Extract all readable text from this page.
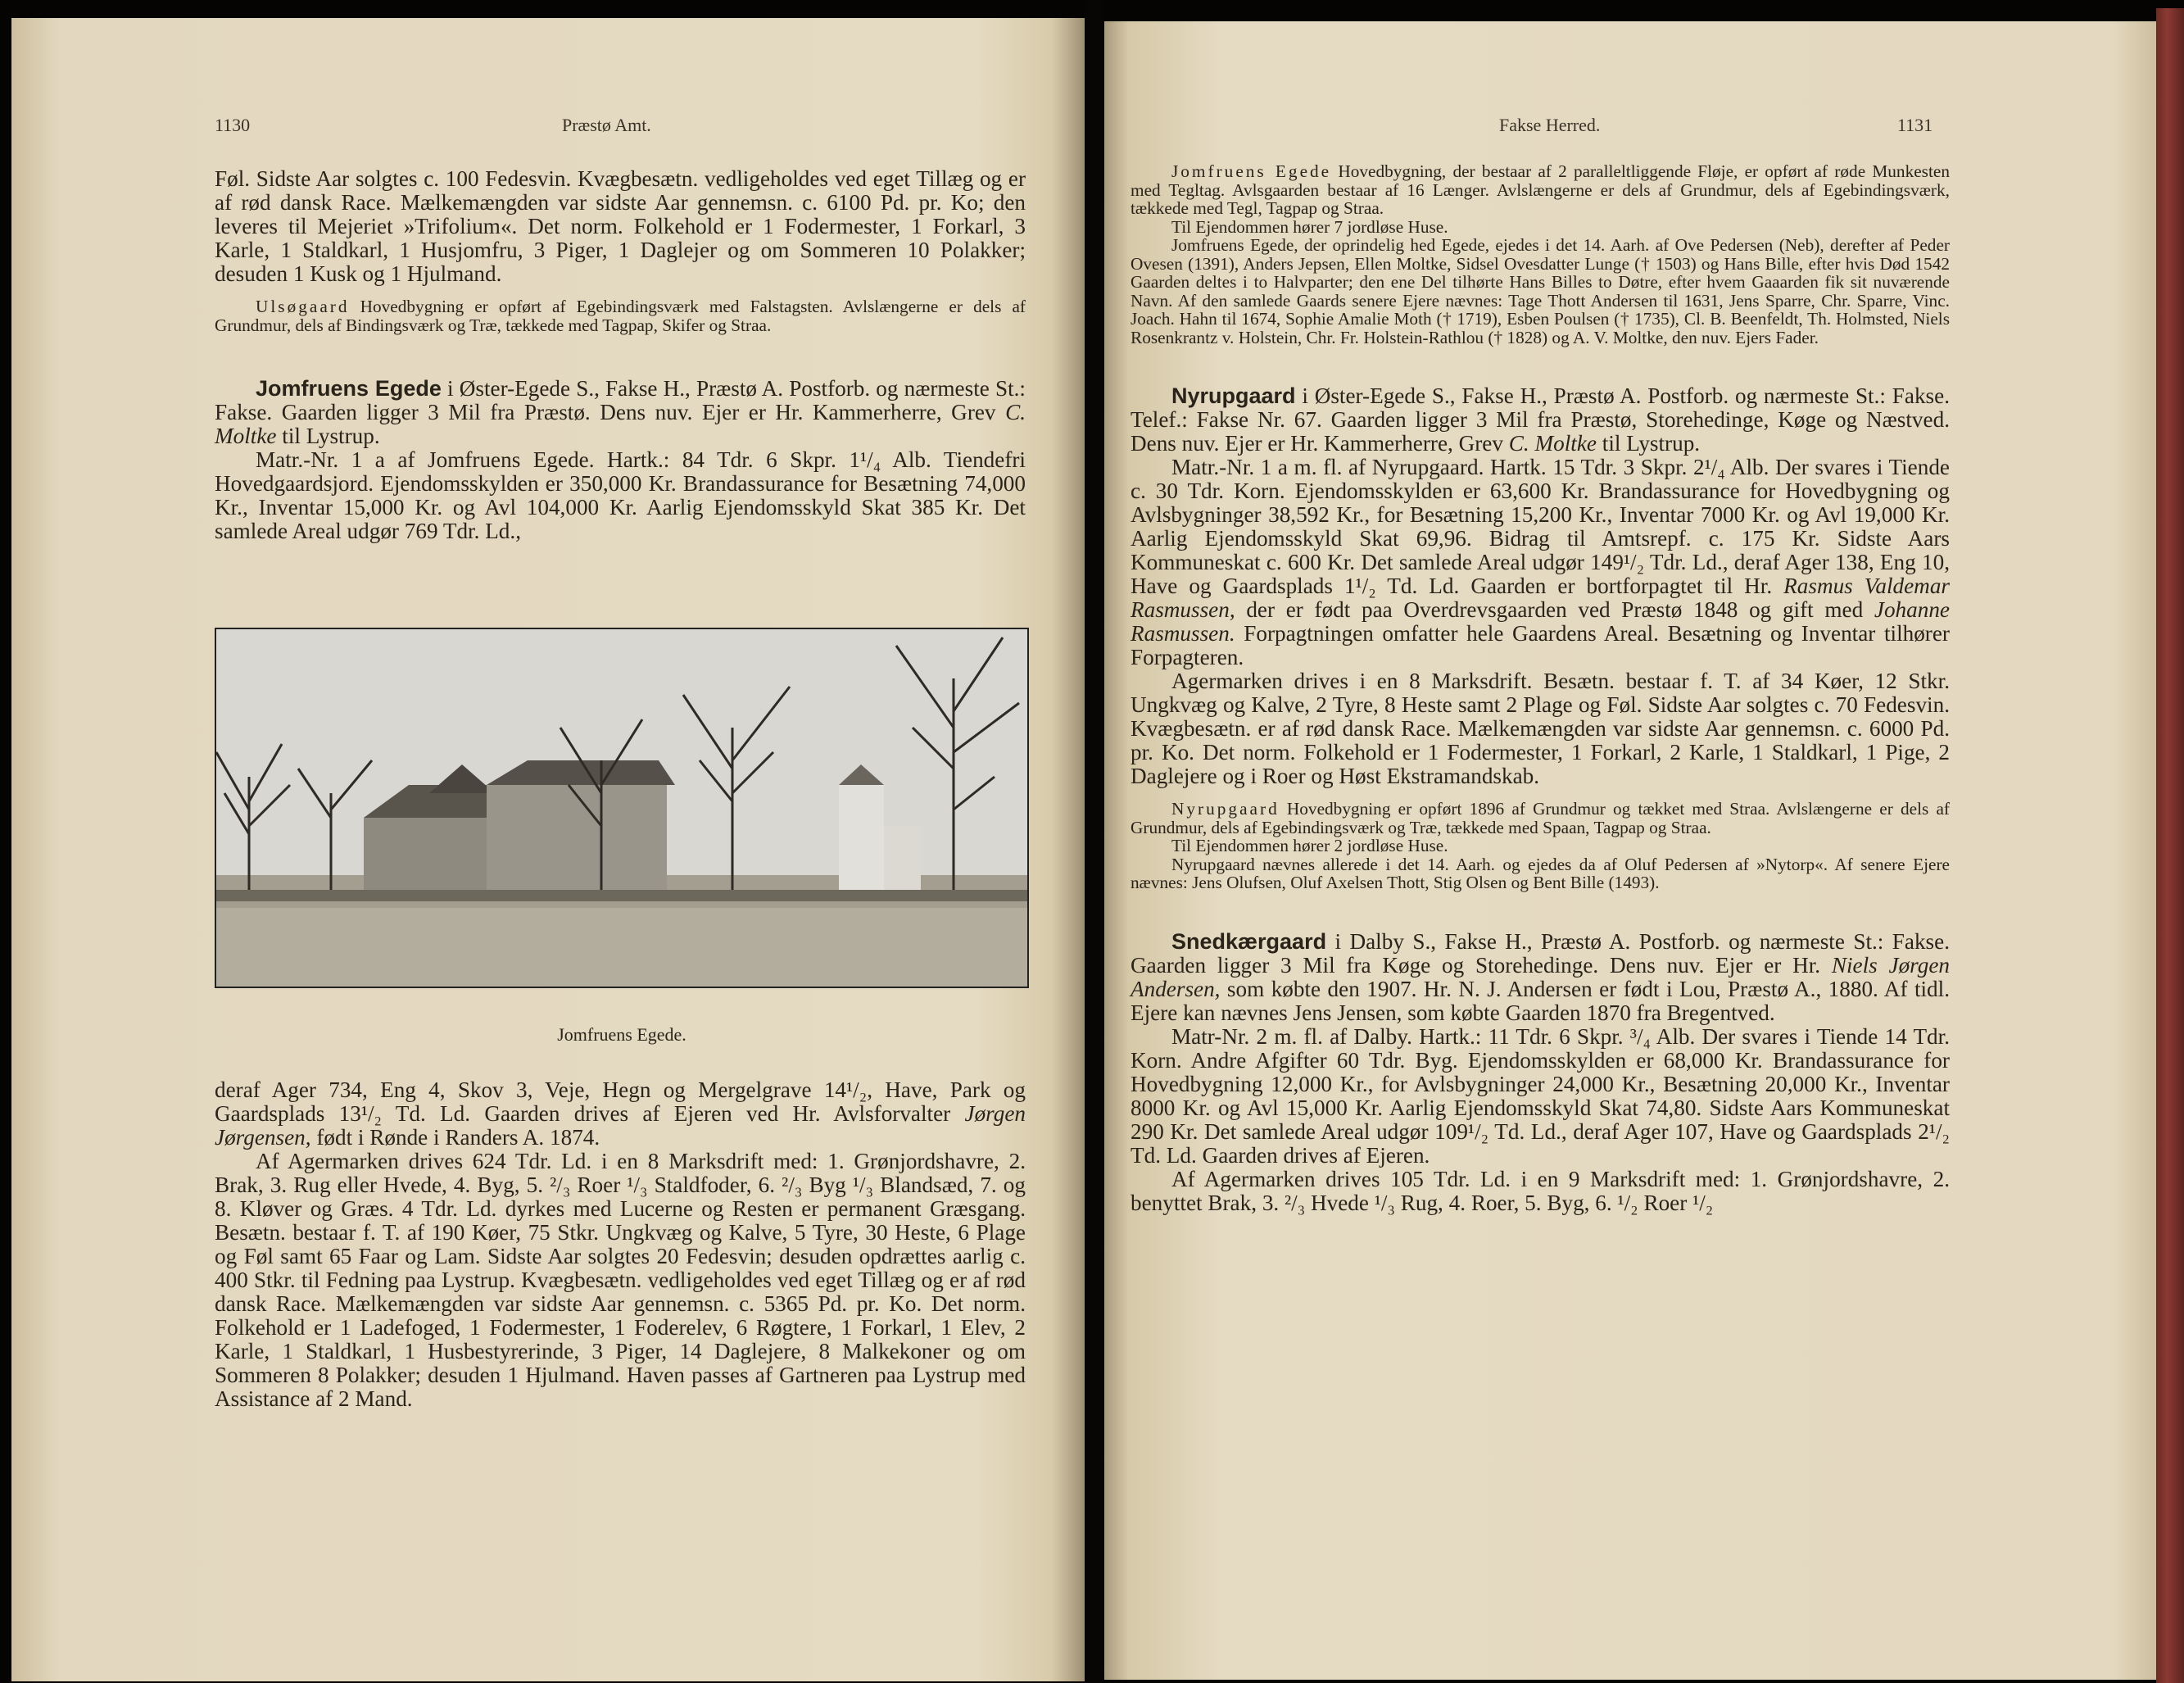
1130	Præstø Amt.

Føl. Sidste Aar solgtes c. 100 Fedesvin. Kvægbesætn. vedligeholdes ved eget Tillæg og er af rød dansk Race. Mælkemængden var sidste Aar gennemsn. c. 6100 Pd. pr. Ko; den leveres til Mejeriet »Trifolium«. Det norm. Folkehold er 1 Fodermester, 1 Forkarl, 3 Karle, 1 Staldkarl, 1 Husjomfru, 3 Piger, 1 Daglejer og om Sommeren 10 Polakker; desuden 1 Kusk og 1 Hjulmand.

Ulsøgaard Hovedbygning er opført af Egebindingsværk med Falstagsten. Avlslængerne er dels af Grundmur, dels af Bindingsværk og Træ, tækkede med Tagpap, Skifer og Straa.

Jomfruens Egede i Øster-Egede S., Fakse H., Præstø A. Postforb. og nærmeste St.: Fakse. Gaarden ligger 3 Mil fra Præstø. Dens nuv. Ejer er Hr. Kammerherre, Grev C. Moltke til Lystrup.

Matr.-Nr. 1 a af Jomfruens Egede. Hartk.: 84 Tdr. 6 Skpr. 1¹/₄ Alb. Tiendefri Hovedgaardsjord. Ejendomsskylden er 350,000 Kr. Brandassurance for Besætning 74,000 Kr., Inventar 15,000 Kr. og Avl 104,000 Kr. Aarlig Ejendomsskyld Skat 385 Kr. Det samlede Areal udgør 769 Tdr. Ld.,

Jomfruens Egede.

deraf Ager 734, Eng 4, Skov 3, Veje, Hegn og Mergelgrave 14¹/₂, Have, Park og Gaardsplads 13¹/₂ Td. Ld. Gaarden drives af Ejeren ved Hr. Avlsforvalter Jørgen Jørgensen, født i Rønde i Randers A. 1874.

Af Agermarken drives 624 Tdr. Ld. i en 8 Marksdrift med: 1. Grønjordshavre, 2. Brak, 3. Rug eller Hvede, 4. Byg, 5. ²/₃ Roer ¹/₃ Staldfoder, 6. ²/₃ Byg ¹/₃ Blandsæd, 7. og 8. Kløver og Græs. 4 Tdr. Ld. dyrkes med Lucerne og Resten er permanent Græsgang. Besætn. bestaar f. T. af 190 Køer, 75 Stkr. Ungkvæg og Kalve, 5 Tyre, 30 Heste, 6 Plage og Føl samt 65 Faar og Lam. Sidste Aar solgtes 20 Fedesvin; desuden opdrættes aarlig c. 400 Stkr. til Fedning paa Lystrup. Kvægbesætn. vedligeholdes ved eget Tillæg og er af rød dansk Race. Mælkemængden var sidste Aar gennemsn. c. 5365 Pd. pr. Ko. Det norm. Folkehold er 1 Ladefoged, 1 Fodermester, 1 Foderelev, 6 Røgtere, 1 Forkarl, 1 Elev, 2 Karle, 1 Staldkarl, 1 Husbestyrerinde, 3 Piger, 14 Daglejere, 8 Malkekoner og om Sommeren 8 Polakker; desuden 1 Hjulmand. Haven passes af Gartneren paa Lystrup med Assistance af 2 Mand.

Fakse Herred.	1131

Jomfruens Egede Hovedbygning, der bestaar af 2 paralleltliggende Fløje, er opført af røde Munkesten med Tegltag. Avlsgaarden bestaar af 16 Længer. Avlslængerne er dels af Grundmur, dels af Egebindingsværk, tækkede med Tegl, Tagpap og Straa.

Til Ejendommen hører 7 jordløse Huse.

Jomfruens Egede, der oprindelig hed Egede, ejedes i det 14. Aarh. af Ove Pedersen (Neb), derefter af Peder Ovesen (1391), Anders Jepsen, Ellen Moltke, Sidsel Ovesdatter Lunge († 1503) og Hans Bille, efter hvis Død 1542 Gaarden deltes i to Halvparter; den ene Del tilhørte Hans Billes to Døtre, efter hvem Gaaarden fik sit nuværende Navn. Af den samlede Gaards senere Ejere nævnes: Tage Thott Andersen til 1631, Jens Sparre, Chr. Sparre, Vinc. Joach. Hahn til 1674, Sophie Amalie Moth († 1719), Esben Poulsen († 1735), Cl. B. Beenfeldt, Th. Holmsted, Niels Rosenkrantz v. Holstein, Chr. Fr. Holstein-Rathlou († 1828) og A. V. Moltke, den nuv. Ejers Fader.

Nyrupgaard i Øster-Egede S., Fakse H., Præstø A. Postforb. og nærmeste St.: Fakse. Telef.: Fakse Nr. 67. Gaarden ligger 3 Mil fra Præstø, Storehedinge, Køge og Næstved. Dens nuv. Ejer er Hr. Kammerherre, Grev C. Moltke til Lystrup.

Matr.-Nr. 1 a m. fl. af Nyrupgaard. Hartk. 15 Tdr. 3 Skpr. 2¹/₄ Alb. Der svares i Tiende c. 30 Tdr. Korn. Ejendomsskylden er 63,600 Kr. Brandassurance for Hovedbygning og Avlsbygninger 38,592 Kr., for Besætning 15,200 Kr., Inventar 7000 Kr. og Avl 19,000 Kr. Aarlig Ejendomsskyld Skat 69,96. Bidrag til Amtsrepf. c. 175 Kr. Sidste Aars Kommuneskat c. 600 Kr. Det samlede Areal udgør 149¹/₂ Tdr. Ld., deraf Ager 138, Eng 10, Have og Gaardsplads 1¹/₂ Td. Ld. Gaarden er bortforpagtet til Hr. Rasmus Valdemar Rasmussen, der er født paa Overdrevsgaarden ved Præstø 1848 og gift med Johanne Rasmussen. Forpagtningen omfatter hele Gaardens Areal. Besætning og Inventar tilhører Forpagteren.

Agermarken drives i en 8 Marksdrift. Besætn. bestaar f. T. af 34 Køer, 12 Stkr. Ungkvæg og Kalve, 2 Tyre, 8 Heste samt 2 Plage og Føl. Sidste Aar solgtes c. 70 Fedesvin. Kvægbesætn. er af rød dansk Race. Mælkemængden var sidste Aar gennemsn. c. 6000 Pd. pr. Ko. Det norm. Folkehold er 1 Fodermester, 1 Forkarl, 2 Karle, 1 Staldkarl, 1 Pige, 2 Daglejere og i Roer og Høst Ekstramandskab.

Nyrupgaard Hovedbygning er opført 1896 af Grundmur og tækket med Straa. Avlslængerne er dels af Grundmur, dels af Egebindingsværk og Træ, tækkede med Spaan, Tagpap og Straa.

Til Ejendommen hører 2 jordløse Huse.

Nyrupgaard nævnes allerede i det 14. Aarh. og ejedes da af Oluf Pedersen af »Nytorp«. Af senere Ejere nævnes: Jens Olufsen, Oluf Axelsen Thott, Stig Olsen og Bent Bille (1493).

Snedkærgaard i Dalby S., Fakse H., Præstø A. Postforb. og nærmeste St.: Fakse. Gaarden ligger 3 Mil fra Køge og Storehedinge. Dens nuv. Ejer er Hr. Niels Jørgen Andersen, som købte den 1907. Hr. N. J. Andersen er født i Lou, Præstø A., 1880. Af tidl. Ejere kan nævnes Jens Jensen, som købte Gaarden 1870 fra Bregentved.

Matr-Nr. 2 m. fl. af Dalby. Hartk.: 11 Tdr. 6 Skpr. ³/₄ Alb. Der svares i Tiende 14 Tdr. Korn. Andre Afgifter 60 Tdr. Byg. Ejendomsskylden er 68,000 Kr. Brandassurance for Hovedbygning 12,000 Kr., for Avlsbygninger 24,000 Kr., Besætning 20,000 Kr., Inventar 8000 Kr. og Avl 15,000 Kr. Aarlig Ejendomsskyld Skat 74,80. Sidste Aars Kommuneskat 290 Kr. Det samlede Areal udgør 109¹/₂ Td. Ld., deraf Ager 107, Have og Gaardsplads 2¹/₂ Td. Ld. Gaarden drives af Ejeren.

Af Agermarken drives 105 Tdr. Ld. i en 9 Marksdrift med: 1. Grønjordshavre, 2. benyttet Brak, 3. ²/₃ Hvede ¹/₃ Rug, 4. Roer, 5. Byg, 6. ¹/₂ Roer ¹/₂
